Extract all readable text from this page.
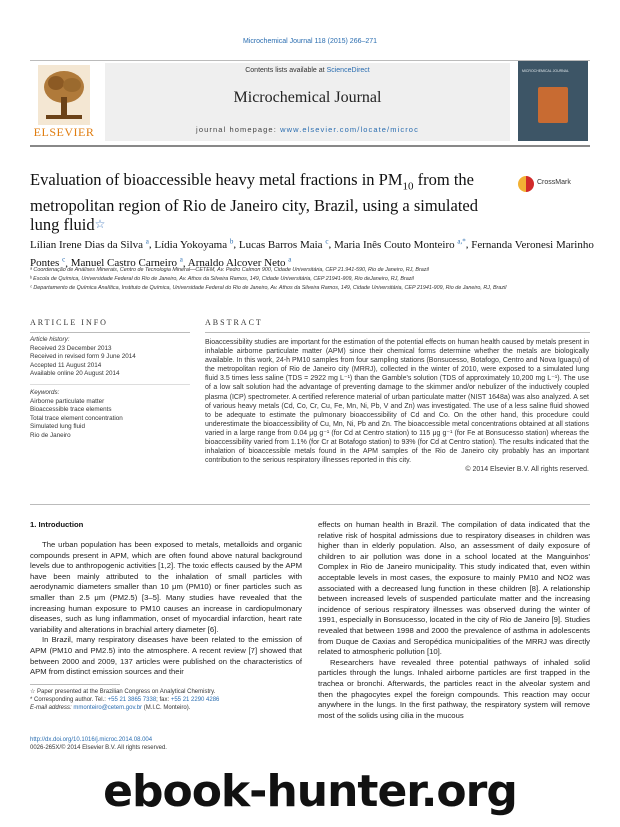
Microchemical Journal 118 (2015) 266–271
ELSEVIER
Contents lists available at ScienceDirect
Microchemical Journal
journal homepage: www.elsevier.com/locate/microc
MICROCHEMICAL JOURNAL
Evaluation of bioaccessible heavy metal fractions in $PM_{10}$ from the metropolitan region of Rio de Janeiro city, Brazil, using a simulated lung fluid☆
CrossMark
Lílian Irene Dias da Silva $^a$, Lídia Yokoyama $^b$, Lucas Barros Maia $^c$, Maria Inês Couto Monteiro $^{a,*}$, Fernanda Veronesi Marinho Pontes $^c$, Manuel Castro Carneiro $^a$, Arnaldo Alcover Neto $^a$
ᵃ Coordenação de Análises Minerais, Centro de Tecnologia Mineral—CETEM, Av. Pedro Calmon 900, Cidade Universitária, CEP 21.941-590, Rio de Janeiro, RJ, Brazil
ᵇ Escola de Química, Universidade Federal do Rio de Janeiro, Av. Athos da Silveira Ramos, 149, Cidade Universitária, CEP 21941-909, Rio deJaneiro, RJ, Brazil
ᶜ Departamento de Química Analítica, Instituto de Química, Universidade Federal do Rio de Janeiro, Av. Athos da Silveira Ramos, 149, Cidade Universitária, CEP 21941-909, Rio de Janeiro, RJ, Brazil
ARTICLE INFO	ABSTRACT
Article history:
Received 23 December 2013
Received in revised form 9 June 2014
Accepted 11 August 2014
Available online 20 August 2014
Keywords:
Airborne particulate matter
Bioaccessible trace elements
Total trace element concentration
Simulated lung fluid
Rio de Janeiro
Bioaccessibility studies are important for the estimation of the potential effects on human health caused by metals present in inhalable airborne particulate matter (APM) since their chemical forms determine whether the metals are biologically available. In this work, 24-h PM10 samples from four sampling stations (Bonsucesso, Botafogo, Centro and Nova Iguaçu) of the metropolitan region of Rio de Janeiro city (MRRJ), collected in the winter of 2010, were exposed to a simulated lung fluid 3.5 times less saline (TDS = 2922 mg L⁻¹) than the Gamble's solution (TDS of approximately 10,200 mg L⁻¹). The use of a low salt solution had the advantage of preventing damage to the skimmer and/or nebulizer of the inductively coupled plasma (ICP) spectrometer. A certified reference material of urban particulate matter (NIST 1648a) was also analyzed. A set of various heavy metals (Cd, Co, Cr, Cu, Fe, Mn, Ni, Pb, V and Zn) was investigated. The use of a less saline fluid showed to be adequate to estimate the pulmonary bioaccessibility of Cd and Co. On the other hand, this procedure could underestimate the bioaccessibility of Cu, Mn, Ni, Pb and Zn. The bioaccessible metal concentrations obtained at all stations varied in a large range from 0.04 μg g⁻¹ (for Cd at Centro station) to 115 μg g⁻¹ (for Fe at Bonsucesso station) whereas the bioaccessibility varied from 1.1% (for Cr at Botafogo station) to 93% (for Cd at Centro station). The results indicated that the inhalation of bioaccessible metals found in the APM samples of the Rio de Janeiro city probably has an important contribution to the serious respiratory illnesses reported in this city.
© 2014 Elsevier B.V. All rights reserved.
1. Introduction

The urban population has been exposed to metals, metalloids and organic compounds present in APM, which are often found above natural background levels due to anthropogenic activities [1,2]. The toxic effects caused by the APM have been mainly attributed to the inhalation of small particles with aerodynamic diameters smaller than 10 μm (PM10) or finer particles such as smaller than 2.5 μm (PM2.5) [3–5]. Many studies have revealed that the increasing human exposure to PM10 causes an increase in cardiopulmonary diseases, such as lung inflammation, onset of myocardial infarction, heart rate variability and alterations in brachial artery diameter [6].

In Brazil, many respiratory diseases have been related to the emission of APM (PM10 and PM2.5) into the atmosphere. A recent review [7] showed that between 2000 and 2009, 137 articles were published on the characteristics of APM from distinct emission sources and their

effects on human health in Brazil. The compilation of data indicated that the relative risk of hospital admissions due to respiratory diseases in children was higher than in elderly population. Also, an assessment of daily exposure of children to air pollution was done in a school located at the Manguinhos' Complex in Rio de Janeiro municipality. This study indicated that, even within acceptable levels in most cases, the exposure to mainly PM10 and NO2 was associated with a decreased lung function in these children [8]. A relationship between increased levels of suspended particulate matter and the increasing incidence of serious respiratory illnesses was observed during the winter of 1991, especially in Bonsucesso, located in the city of Rio de Janeiro [9]. Studies revealed that between 1998 and 2000 the prevalence of asthma in adolescents from Duque de Caxias and Seropédica municipalities of the MRRJ was directly related to atmospheric pollution [10].

Researchers have revealed three potential pathways of inhaled solid particles through the lungs. Inhaled airborne particles are first trapped in the trachea or bronchi. Afterwards, the particles react in the alveolar system and then the phagocytes expel the foreign compounds. This reaction may occur anywhere in the lungs. In the first pathway, the respiratory system will remove most of the solids using cilia in the mucous

☆ Paper presented at the Brazilian Congress on Analytical Chemistry.
* Corresponding author. Tel.: +55 21 3865 7338; fax: +55 21 2290 4286
E-mail address: mmonteiro@cetem.gov.br (M.I.C. Monteiro).
http://dx.doi.org/10.1016/j.microc.2014.08.004
0026-265X/© 2014 Elsevier B.V. All rights reserved.
ebook-hunter.org
